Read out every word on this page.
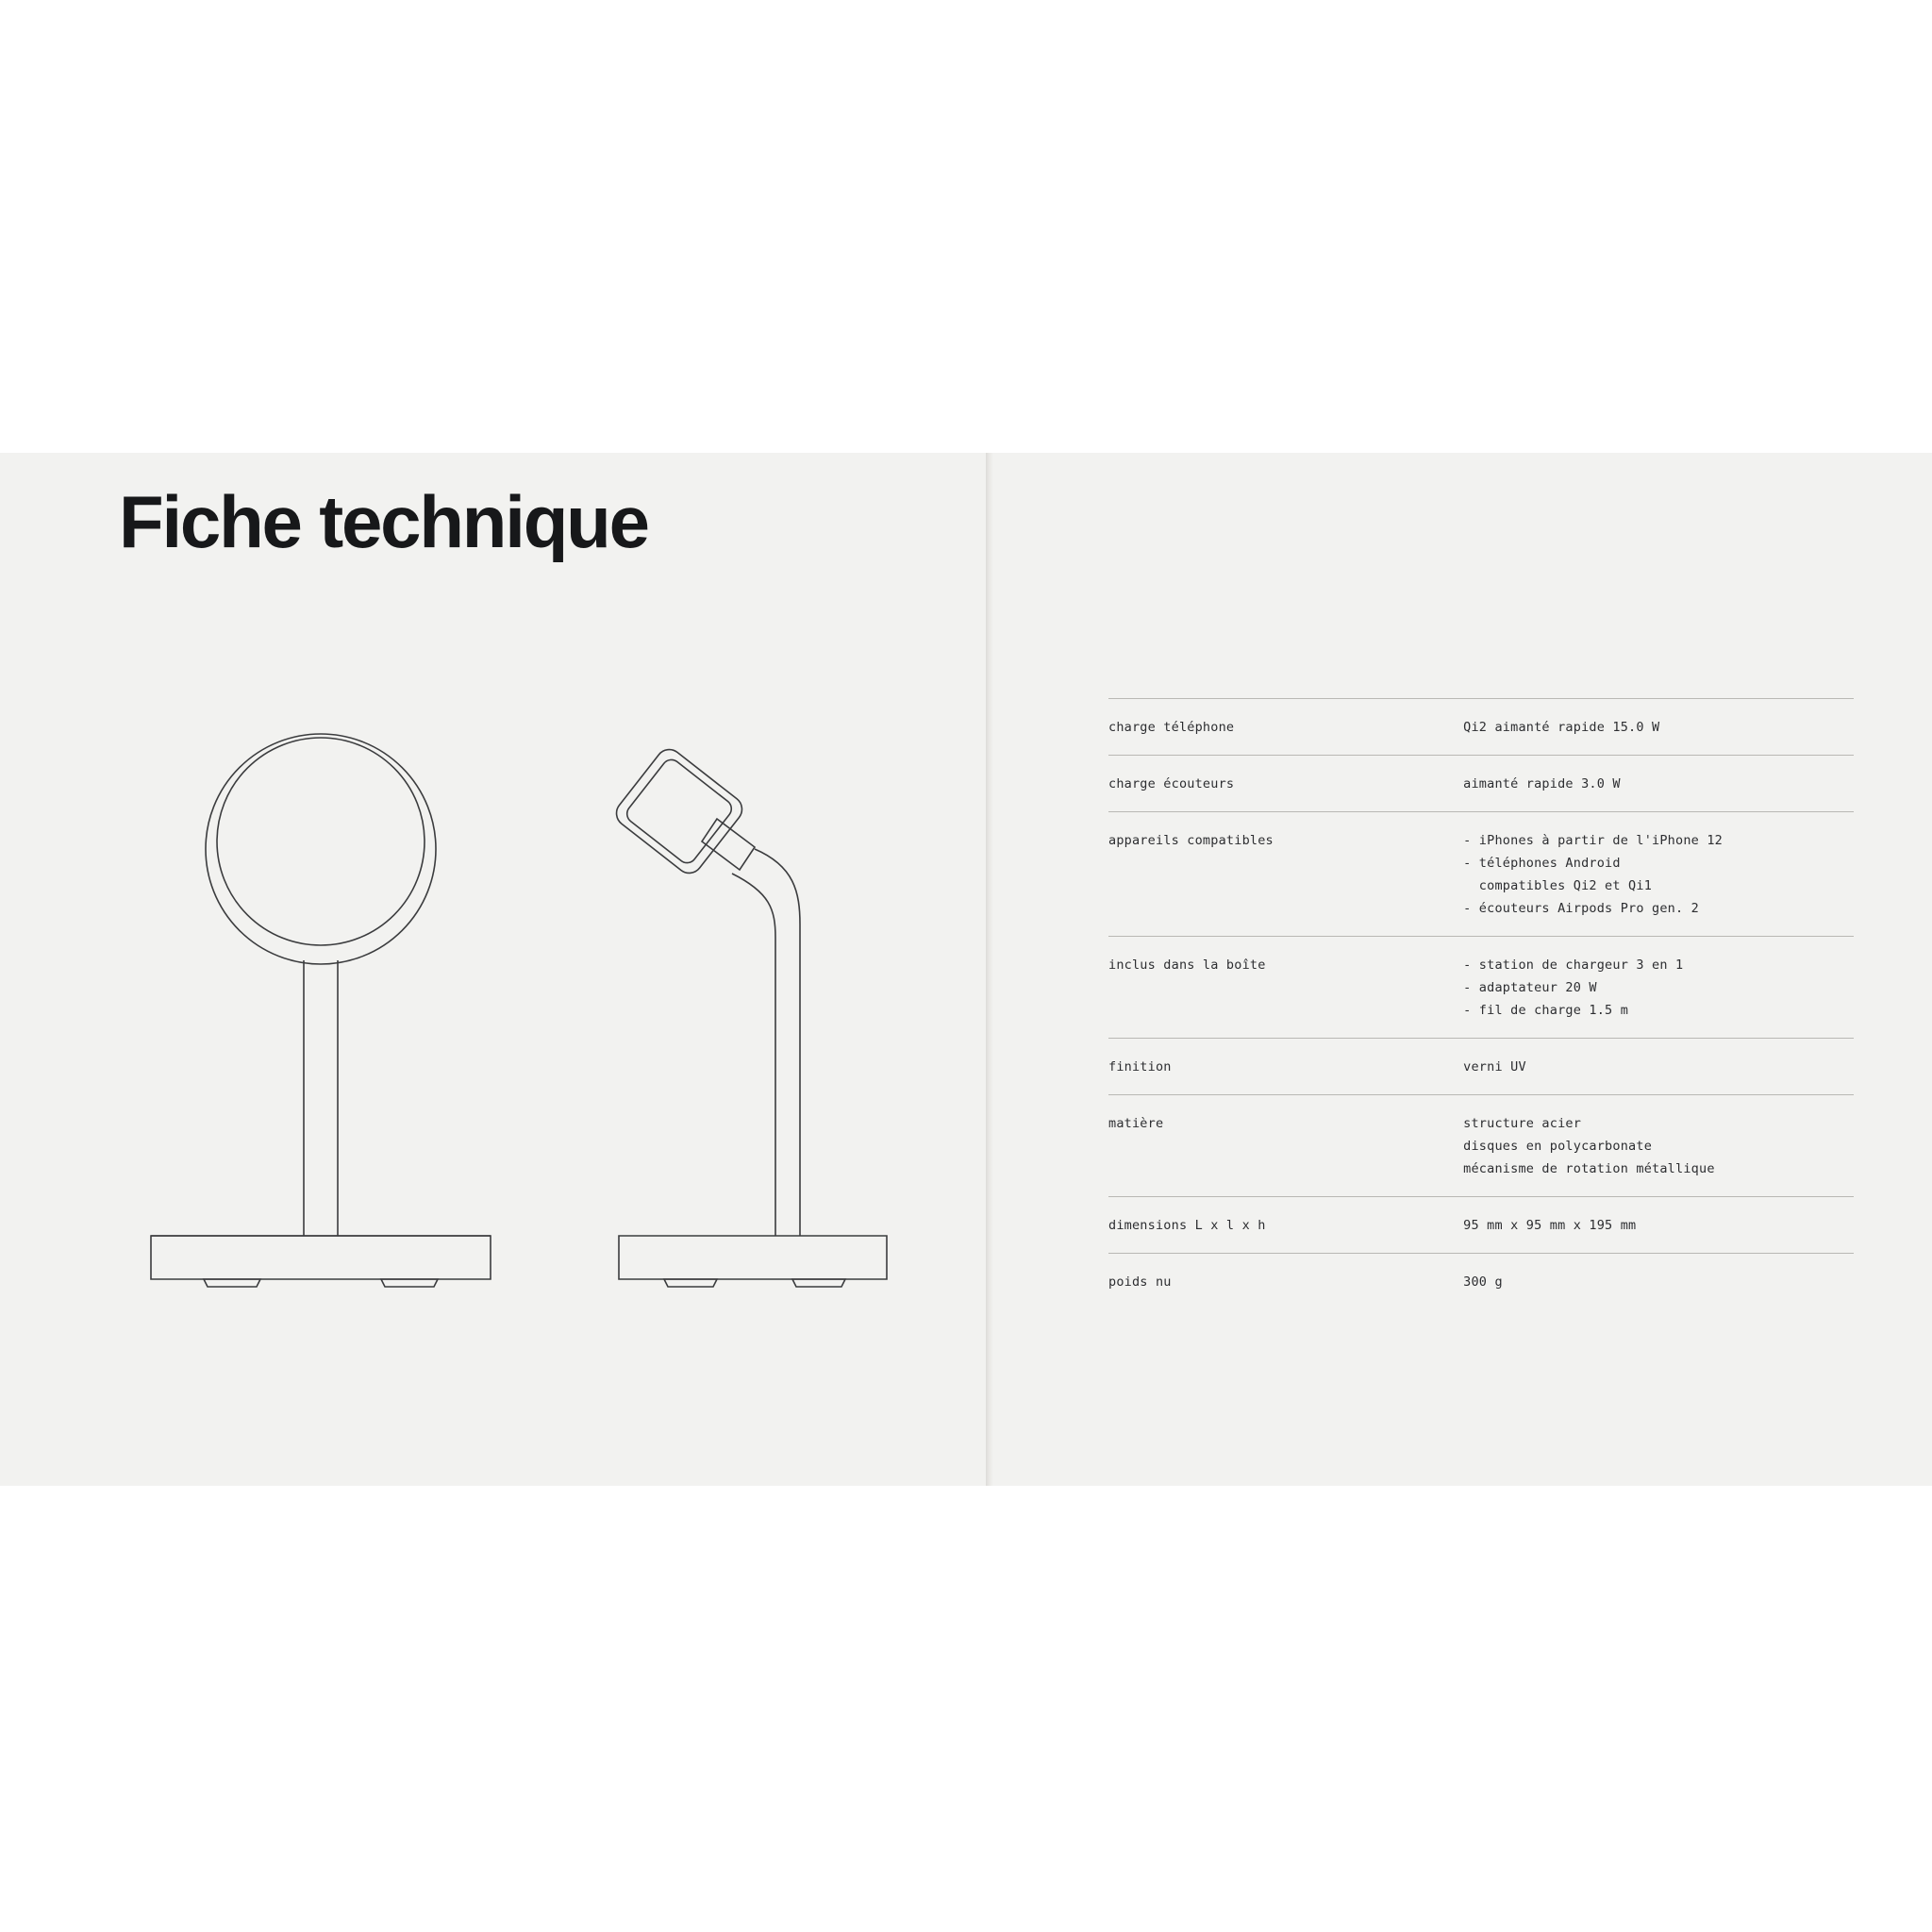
Fiche technique
charge téléphone	Qi2 aimanté rapide 15.0 W

charge écouteurs	aimanté rapide 3.0 W

appareils compatibles	- iPhones à partir de l'iPhone 12
- téléphones Android
compatibles Qi2 et Qi1
- écouteurs Airpods Pro gen. 2

inclus dans la boîte	- station de chargeur 3 en 1
- adaptateur 20 W
- fil de charge 1.5 m

finition	verni UV

matière	structure acier
disques en polycarbonate
mécanisme de rotation métallique

dimensions L x l x h	95 mm x 95 mm x 195 mm

poids nu	300 g
